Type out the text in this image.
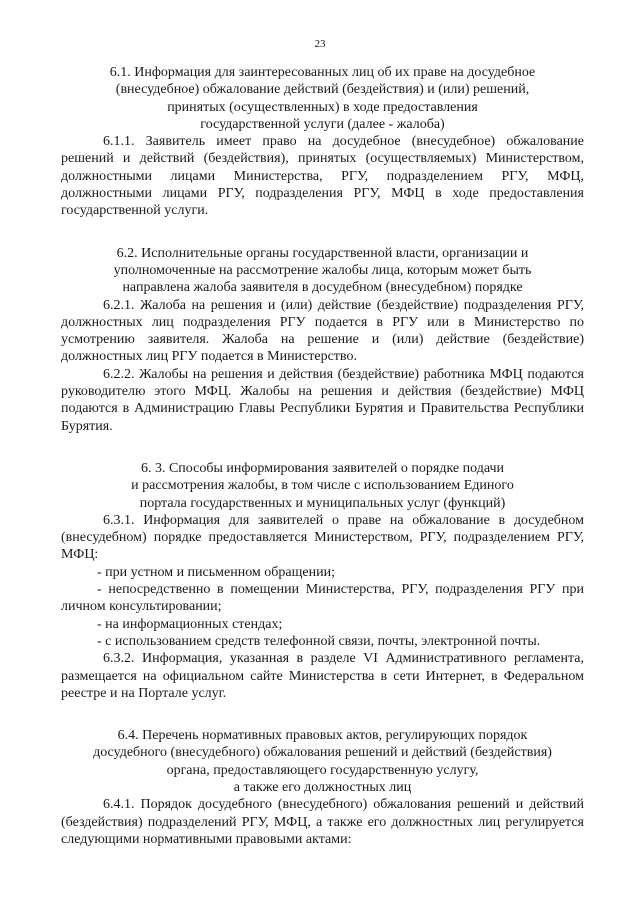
23
6.1. Информация для заинтересованных лиц об их праве на досудебное
(внесудебное) обжалование действий (бездействия) и (или) решений,
принятых (осуществленных) в ходе предоставления
государственной услуги (далее - жалоба)
6.1.1. Заявитель имеет право на досудебное (внесудебное) обжалование решений и действий (бездействия), принятых (осуществляемых) Министерством, должностными лицами Министерства, РГУ, подразделением РГУ, МФЦ, должностными лицами РГУ, подразделения РГУ, МФЦ в ходе предоставления государственной услуги.
6.2. Исполнительные органы государственной власти, организации и
уполномоченные на рассмотрение жалобы лица, которым может быть
направлена жалоба заявителя в досудебном (внесудебном) порядке
6.2.1. Жалоба на решения и (или) действие (бездействие) подразделения РГУ, должностных лиц подразделения РГУ подается в РГУ или в Министерство по усмотрению заявителя. Жалоба на решение и (или) действие (бездействие) должностных лиц РГУ подается в Министерство.
6.2.2. Жалобы на решения и действия (бездействие) работника МФЦ подаются руководителю этого МФЦ. Жалобы на решения и действия (бездействие) МФЦ подаются в Администрацию Главы Республики Бурятия и Правительства Республики Бурятия.
6. 3. Способы информирования заявителей о порядке подачи
и рассмотрения жалобы, в том числе с использованием Единого
портала государственных и муниципальных услуг (функций)
6.3.1. Информация для заявителей о праве на обжалование в досудебном (внесудебном) порядке предоставляется Министерством, РГУ, подразделением РГУ, МФЦ:
- при устном и письменном обращении;
- непосредственно в помещении Министерства, РГУ, подразделения РГУ при личном консультировании;
- на информационных стендах;
- с использованием средств телефонной связи, почты, электронной почты.
6.3.2. Информация, указанная в разделе VI Административного регламента, размещается на официальном сайте Министерства в сети Интернет, в Федеральном реестре и на Портале услуг.
6.4. Перечень нормативных правовых актов, регулирующих порядок
досудебного (внесудебного) обжалования решений и действий (бездействия)
органа, предоставляющего государственную услугу,
а также его должностных лиц
6.4.1. Порядок досудебного (внесудебного) обжалования решений и действий (бездействия) подразделений РГУ, МФЦ, а также его должностных лиц регулируется следующими нормативными правовыми актами:
